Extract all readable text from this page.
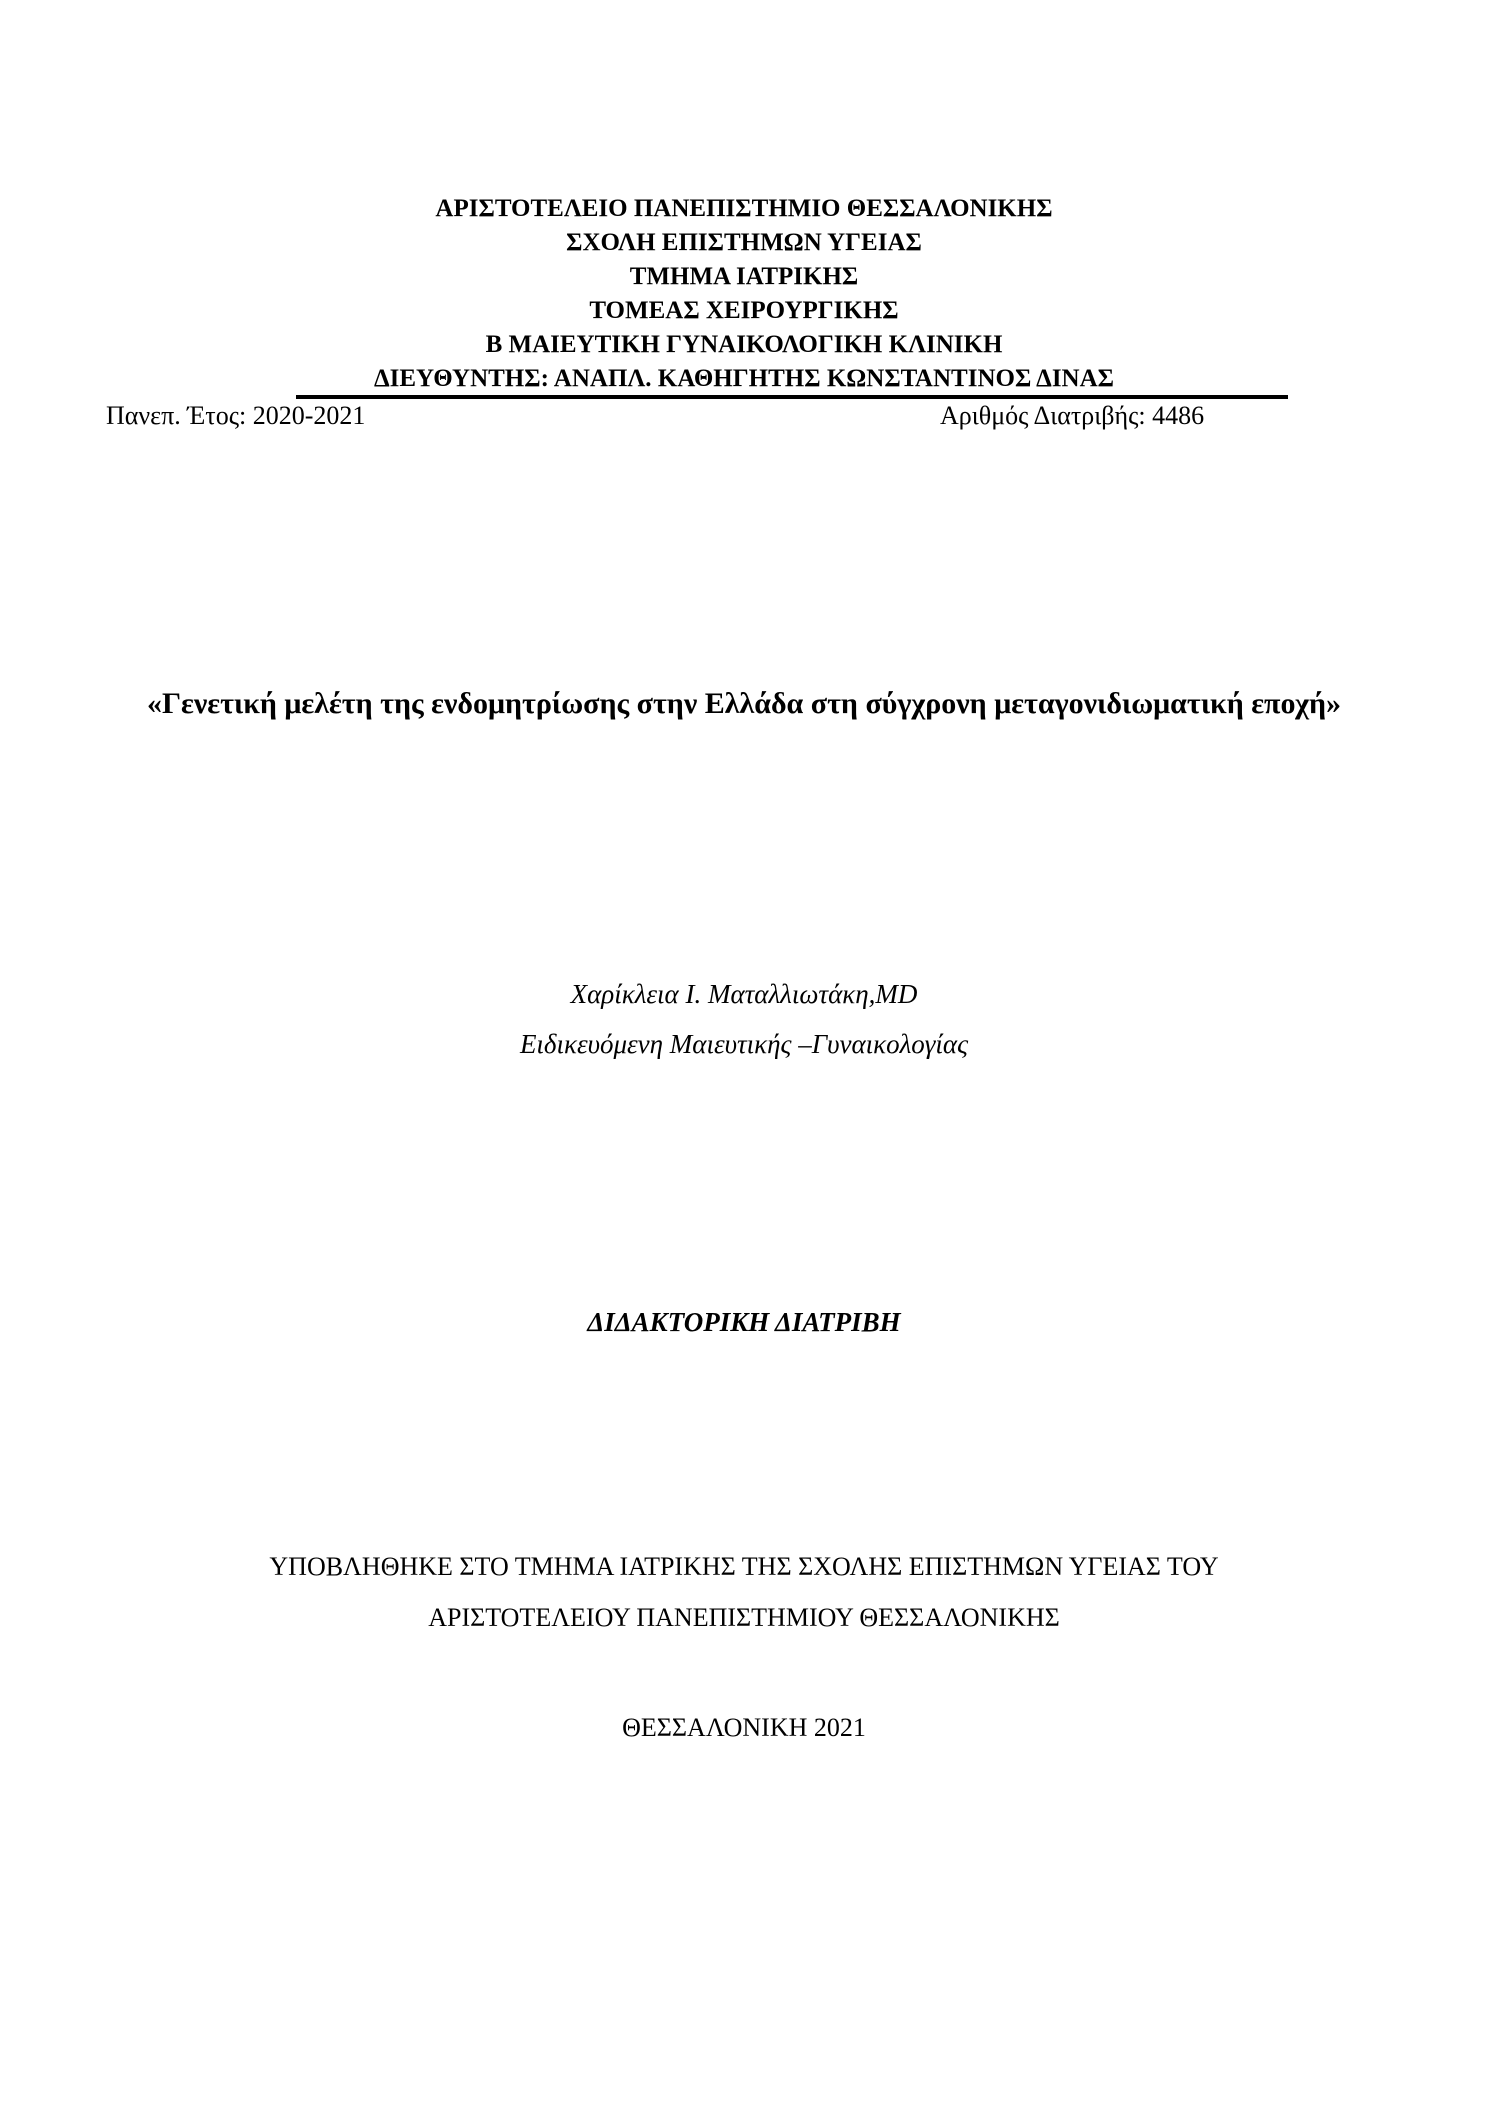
ΑΡΙΣΤΟΤΕΛΕΙΟ ΠΑΝΕΠΙΣΤΗΜΙΟ ΘΕΣΣΑΛΟΝΙΚΗΣ
ΣΧΟΛΗ ΕΠΙΣΤΗΜΩΝ ΥΓΕΙΑΣ
ΤΜΗΜΑ ΙΑΤΡΙΚΗΣ
ΤΟΜΕΑΣ ΧΕΙΡΟΥΡΓΙΚΗΣ
Β ΜΑΙΕΥΤΙΚΗ ΓΥΝΑΙΚΟΛΟΓΙΚΗ ΚΛΙΝΙΚΗ
ΔΙΕΥΘΥΝΤΗΣ: ΑΝΑΠΛ. ΚΑΘΗΓΗΤΗΣ ΚΩΝΣΤΑΝΤΙΝΟΣ ΔΙΝΑΣ
Πανεπ. Έτος: 2020-2021	Αριθμός Διατριβής: 4486
«Γενετική μελέτη της ενδομητρίωσης στην Ελλάδα στη σύγχρονη μεταγονιδιωματική εποχή»
Χαρίκλεια Ι. Ματαλλιωτάκη,MD
Ειδικευόμενη Μαιευτικής –Γυναικολογίας
ΔΙΔΑΚΤΟΡΙΚΗ ΔΙΑΤΡΙΒΗ
ΥΠΟΒΛΗΘΗΚΕ ΣΤΟ ΤΜΗΜΑ ΙΑΤΡΙΚΗΣ ΤΗΣ ΣΧΟΛΗΣ ΕΠΙΣΤΗΜΩΝ ΥΓΕΙΑΣ ΤΟΥ
ΑΡΙΣΤΟΤΕΛΕΙΟΥ ΠΑΝΕΠΙΣΤΗΜΙΟΥ ΘΕΣΣΑΛΟΝΙΚΗΣ
ΘΕΣΣΑΛΟΝΙΚΗ 2021
